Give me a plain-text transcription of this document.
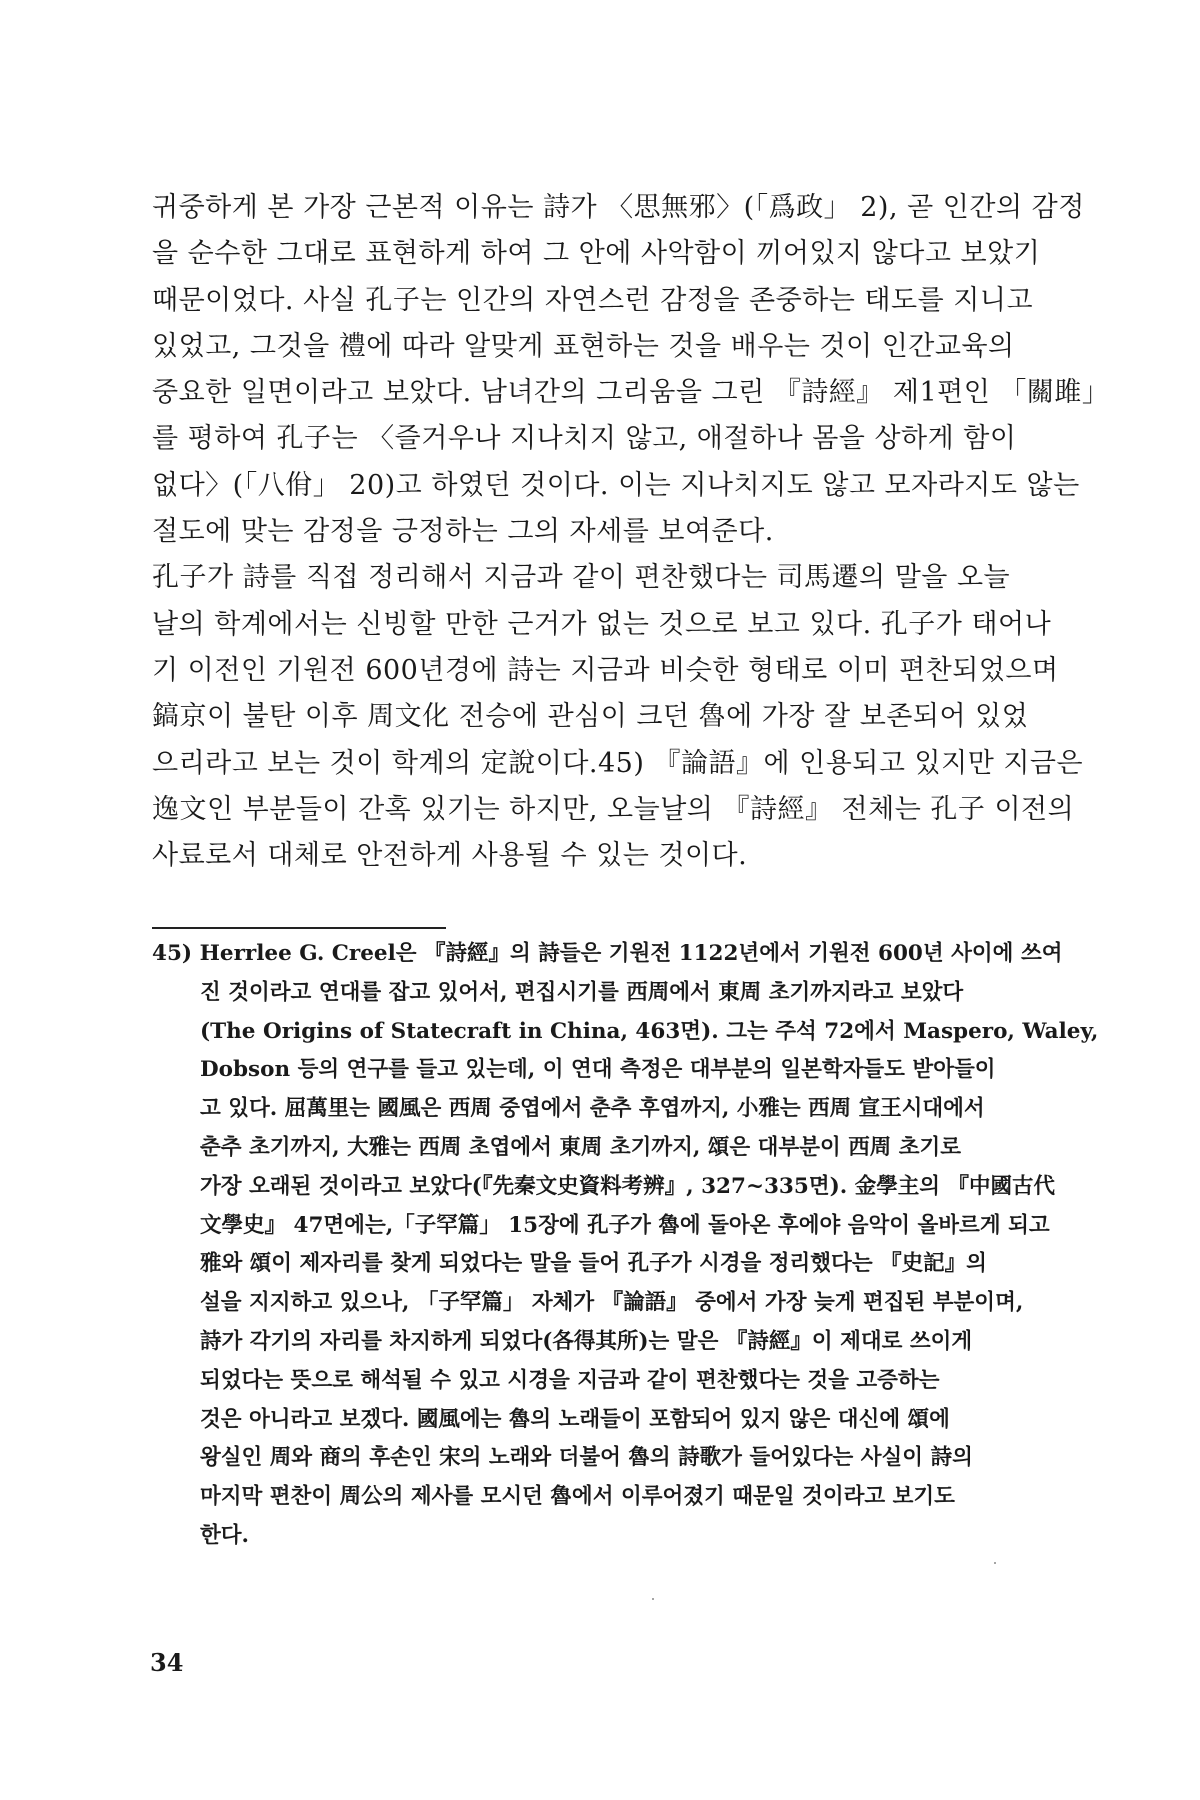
귀중하게 본 가장 근본적 이유는 詩가 〈思無邪〉(「爲政」 2), 곧 인간의 감정
을 순수한 그대로 표현하게 하여 그 안에 사악함이 끼어있지 않다고 보았기
때문이었다. 사실 孔子는 인간의 자연스런 감정을 존중하는 태도를 지니고
있었고, 그것을 禮에 따라 알맞게 표현하는 것을 배우는 것이 인간교육의
중요한 일면이라고 보았다. 남녀간의 그리움을 그린 『詩經』 제1편인 「關雎」
를 평하여 孔子는 〈즐거우나 지나치지 않고, 애절하나 몸을 상하게 함이
없다〉(「八佾」 20)고 하였던 것이다. 이는 지나치지도 않고 모자라지도 않는
절도에 맞는 감정을 긍정하는 그의 자세를 보여준다.
孔子가 詩를 직접 정리해서 지금과 같이 편찬했다는 司馬遷의 말을 오늘
날의 학계에서는 신빙할 만한 근거가 없는 것으로 보고 있다. 孔子가 태어나
기 이전인 기원전 600년경에 詩는 지금과 비슷한 형태로 이미 편찬되었으며
鎬京이 불탄 이후 周文化 전승에 관심이 크던 魯에 가장 잘 보존되어 있었
으리라고 보는 것이 학계의 定說이다.45) 『論語』에 인용되고 있지만 지금은
逸文인 부분들이 간혹 있기는 하지만, 오늘날의 『詩經』 전체는 孔子 이전의
사료로서 대체로 안전하게 사용될 수 있는 것이다.
45) Herrlee G. Creel은 『詩經』의 詩들은 기원전 1122년에서 기원전 600년 사이에 쓰여
진 것이라고 연대를 잡고 있어서, 편집시기를 西周에서 東周 초기까지라고 보았다
(The Origins of Statecraft in China, 463면). 그는 주석 72에서 Maspero, Waley,
Dobson 등의 연구를 들고 있는데, 이 연대 측정은 대부분의 일본학자들도 받아들이
고 있다. 屈萬里는 國風은 西周 중엽에서 춘추 후엽까지, 小雅는 西周 宣王시대에서
춘추 초기까지, 大雅는 西周 초엽에서 東周 초기까지, 頌은 대부분이 西周 초기로
가장 오래된 것이라고 보았다(『先秦文史資料考辨』, 327~335면). 金學主의 『中國古代
文學史』 47면에는,「子罕篇」 15장에 孔子가 魯에 돌아온 후에야 음악이 올바르게 되고
雅와 頌이 제자리를 찾게 되었다는 말을 들어 孔子가 시경을 정리했다는 『史記』의
설을 지지하고 있으나, 「子罕篇」 자체가 『論語』 중에서 가장 늦게 편집된 부분이며,
詩가 각기의 자리를 차지하게 되었다(各得其所)는 말은 『詩經』이 제대로 쓰이게
되었다는 뜻으로 해석될 수 있고 시경을 지금과 같이 편찬했다는 것을 고증하는
것은 아니라고 보겠다. 國風에는 魯의 노래들이 포함되어 있지 않은 대신에 頌에
왕실인 周와 商의 후손인 宋의 노래와 더불어 魯의 詩歌가 들어있다는 사실이 詩의
마지막 편찬이 周公의 제사를 모시던 魯에서 이루어졌기 때문일 것이라고 보기도
한다.
34
